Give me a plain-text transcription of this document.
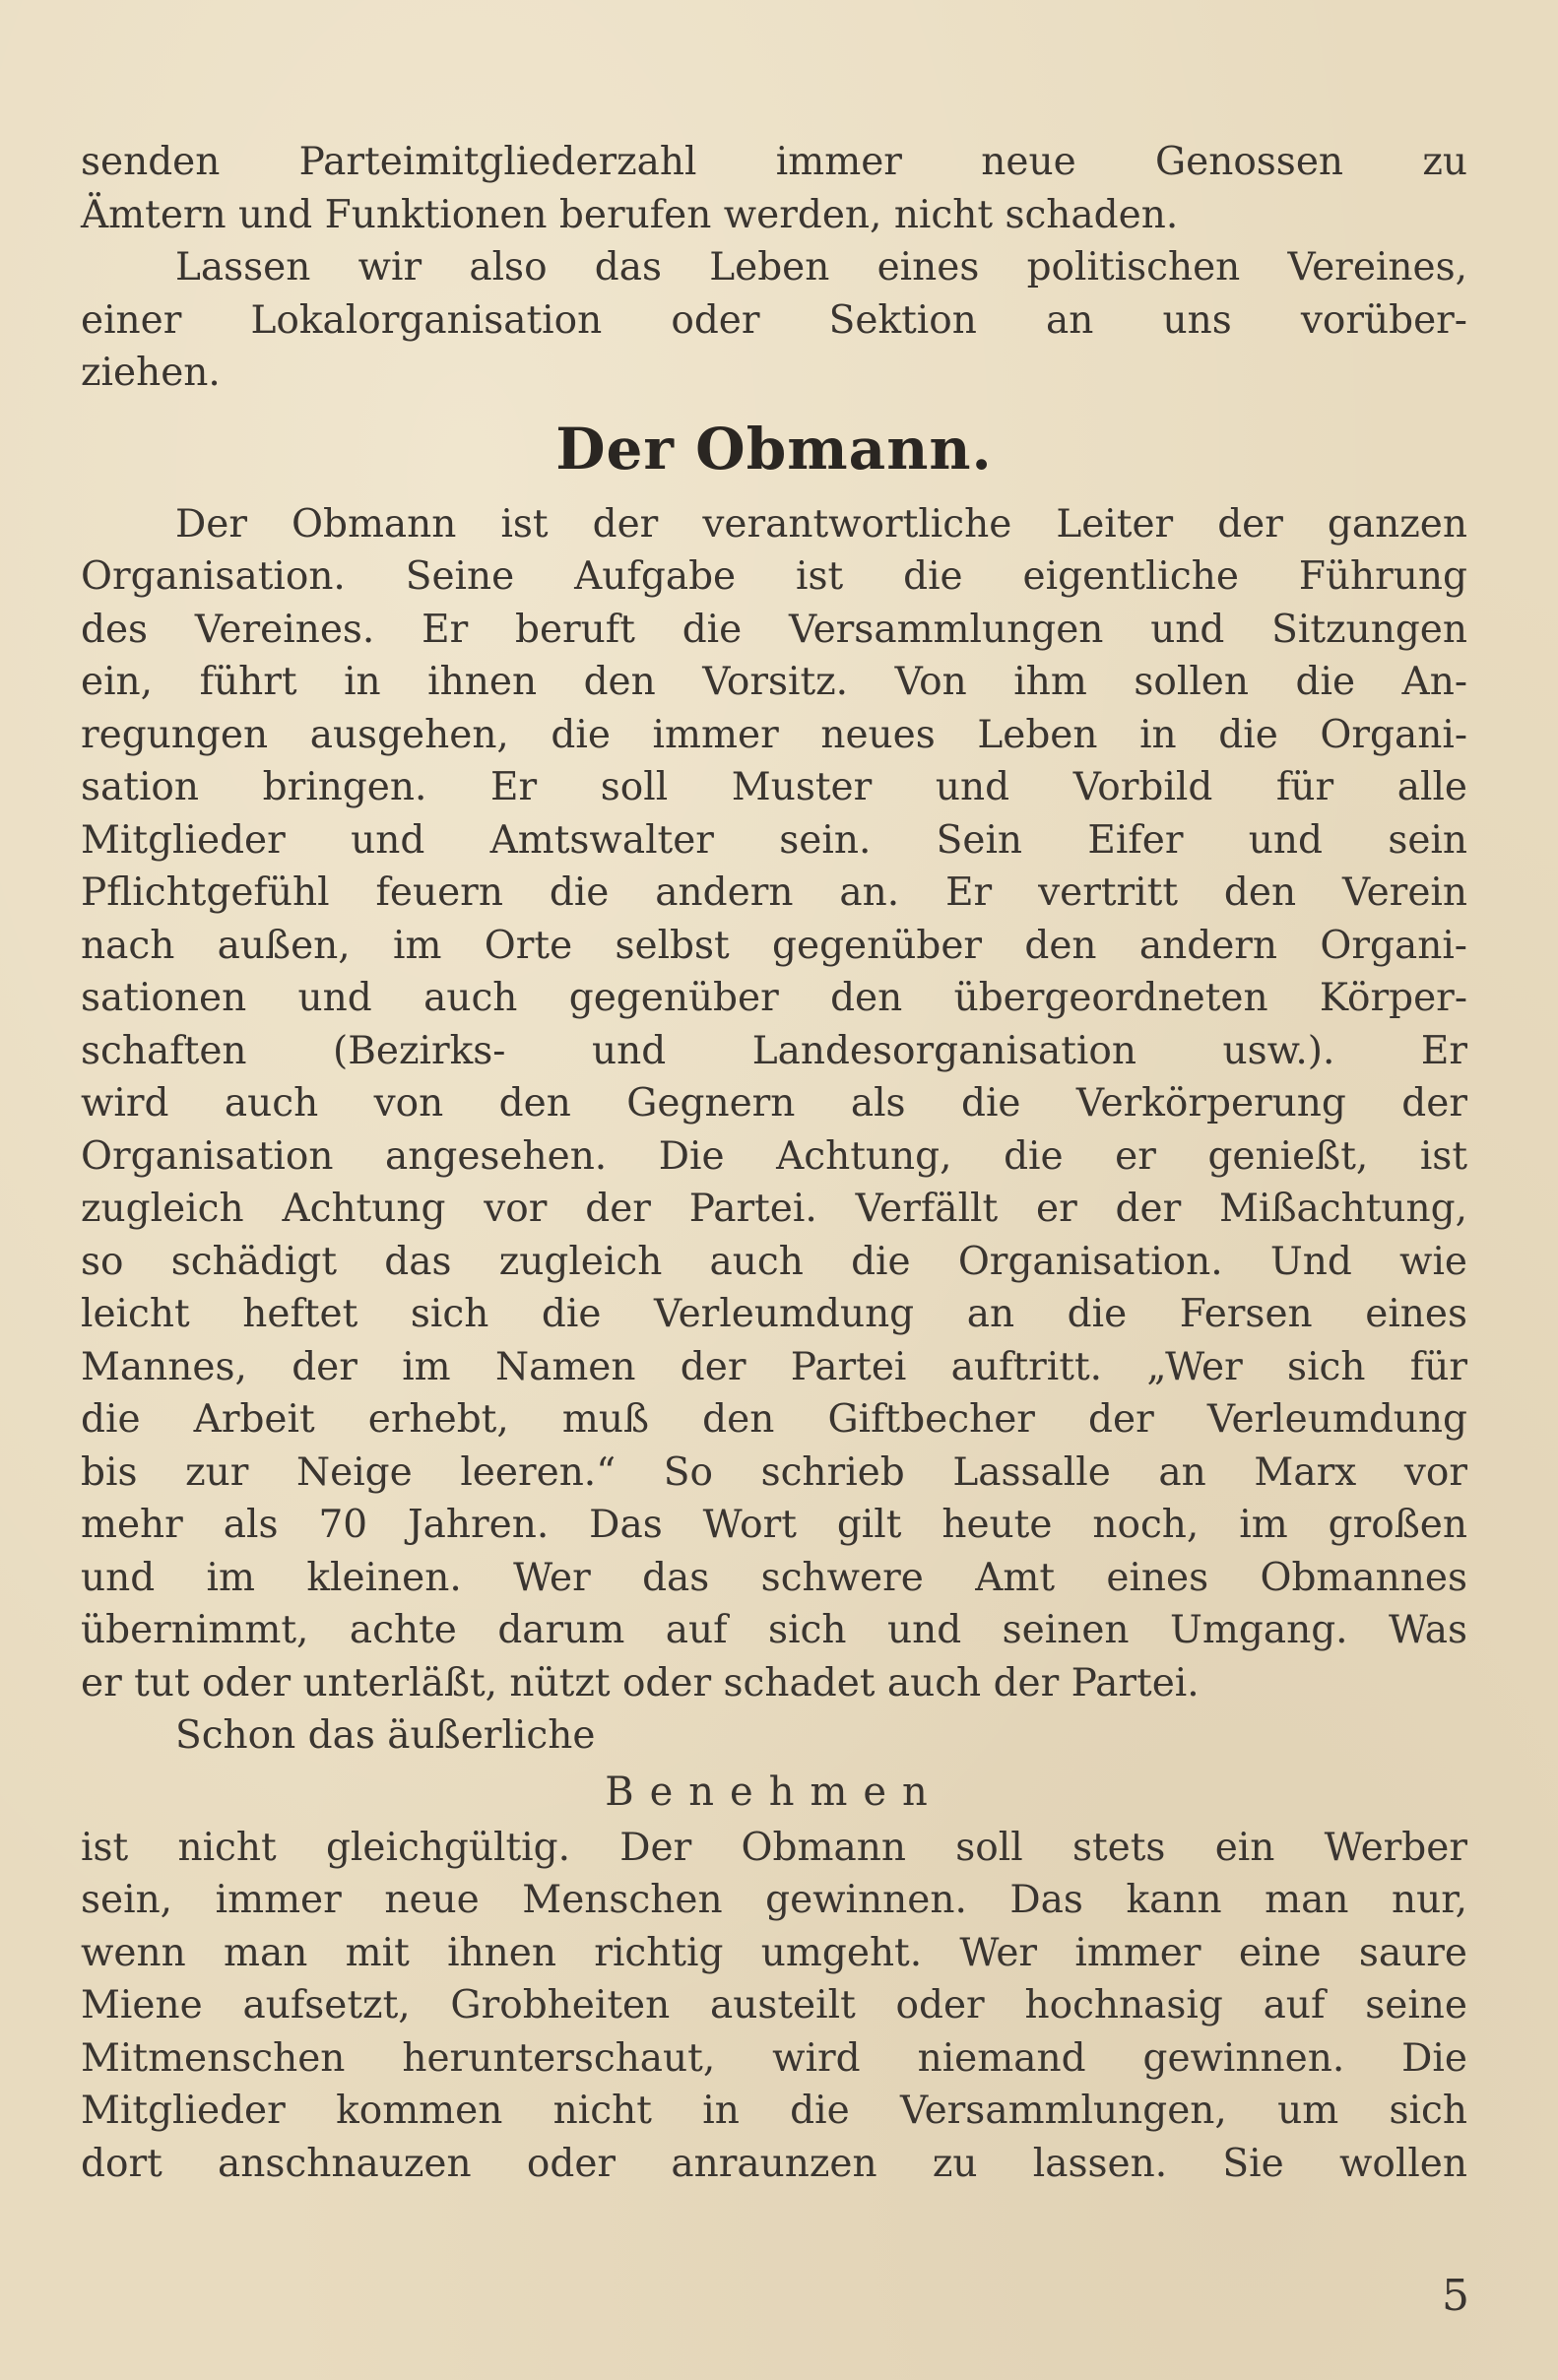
senden Parteimitgliederzahl immer neue Genossen zu
Ämtern und Funktionen berufen werden, nicht schaden.
Lassen wir also das Leben eines politischen Vereines,
einer Lokalorganisation oder Sektion an uns vorüber-
ziehen.
Der Obmann.
Der Obmann ist der verantwortliche Leiter der ganzen
Organisation. Seine Aufgabe ist die eigentliche Führung
des Vereines. Er beruft die Versammlungen und Sitzungen
ein, führt in ihnen den Vorsitz. Von ihm sollen die An-
regungen ausgehen, die immer neues Leben in die Organi-
sation bringen. Er soll Muster und Vorbild für alle
Mitglieder und Amtswalter sein. Sein Eifer und sein
Pflichtgefühl feuern die andern an. Er vertritt den Verein
nach außen, im Orte selbst gegenüber den andern Organi-
sationen und auch gegenüber den übergeordneten Körper-
schaften (Bezirks- und Landesorganisation usw.). Er
wird auch von den Gegnern als die Verkörperung der
Organisation angesehen. Die Achtung, die er genießt, ist
zugleich Achtung vor der Partei. Verfällt er der Mißachtung,
so schädigt das zugleich auch die Organisation. Und wie
leicht heftet sich die Verleumdung an die Fersen eines
Mannes, der im Namen der Partei auftritt. „Wer sich für
die Arbeit erhebt, muß den Giftbecher der Verleumdung
bis zur Neige leeren.“ So schrieb Lassalle an Marx vor
mehr als 70 Jahren. Das Wort gilt heute noch, im großen
und im kleinen. Wer das schwere Amt eines Obmannes
übernimmt, achte darum auf sich und seinen Umgang. Was
er tut oder unterläßt, nützt oder schadet auch der Partei.
Schon das äußerliche
Benehmen
ist nicht gleichgültig. Der Obmann soll stets ein Werber
sein, immer neue Menschen gewinnen. Das kann man nur,
wenn man mit ihnen richtig umgeht. Wer immer eine saure
Miene aufsetzt, Grobheiten austeilt oder hochnasig auf seine
Mitmenschen herunterschaut, wird niemand gewinnen. Die
Mitglieder kommen nicht in die Versammlungen, um sich
dort anschnauzen oder anraunzen zu lassen. Sie wollen
5
